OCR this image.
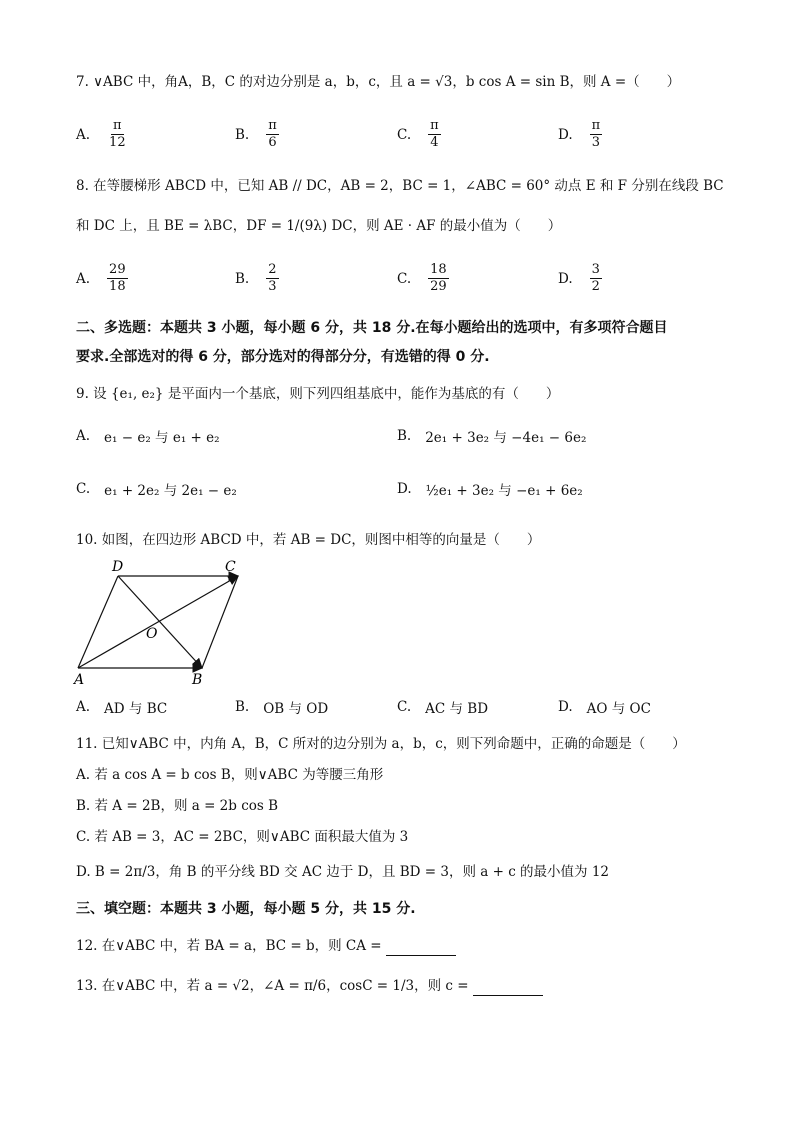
7. ∨ABC 中，角A，B，C 的对边分别是 a，b，c，且 a = √3，b cos A = sin B，则 A =（　　）
A. $\frac{\pi}{12}$	B. $\frac{\pi}{6}$	C. $\frac{\pi}{4}$	D. $\frac{\pi}{3}$
8. 在等腰梯形 ABCD 中，已知 AB // DC，AB = 2，BC = 1，∠ABC = 60° 动点 E 和 F 分别在线段 BC
和 DC 上，且 BE = λBC，DF = 1/(9λ) DC，则 AE · AF 的最小值为（　　）
A. $\frac{29}{18}$	B. $\frac{2}{3}$	C. $\frac{18}{29}$	D. $\frac{3}{2}$
二、多选题：本题共 3 小题，每小题 6 分，共 18 分.在每小题给出的选项中，有多项符合题目
要求.全部选对的得 6 分，部分选对的得部分分，有选错的得 0 分.
9. 设 {e₁, e₂} 是平面内一个基底，则下列四组基底中，能作为基底的有（　　）
A. e₁ − e₂ 与 e₁ + e₂	B. 2e₁ + 3e₂ 与 −4e₁ − 6e₂
C. e₁ + 2e₂ 与 2e₁ − e₂	D. ½e₁ + 3e₂ 与 −e₁ + 6e₂
10. 如图，在四边形 ABCD 中，若 AB = DC，则图中相等的向量是（　　）
D	C
O
A	B
A. AD 与 BC	B. OB 与 OD	C. AC 与 BD	D. AO 与 OC
11. 已知∨ABC 中，内角 A，B，C 所对的边分别为 a，b，c，则下列命题中，正确的命题是（　　）
A. 若 a cos A = b cos B，则∨ABC 为等腰三角形
B. 若 A = 2B，则 a = 2b cos B
C. 若 AB = 3，AC = 2BC，则∨ABC 面积最大值为 3
D. B = 2π/3，角 B 的平分线 BD 交 AC 边于 D，且 BD = 3，则 a + c 的最小值为 12
三、填空题：本题共 3 小题，每小题 5 分，共 15 分.
12. 在∨ABC 中，若 BA = a，BC = b，则 CA =
13. 在∨ABC 中，若 a = √2，∠A = π/6，cosC = 1/3，则 c =
